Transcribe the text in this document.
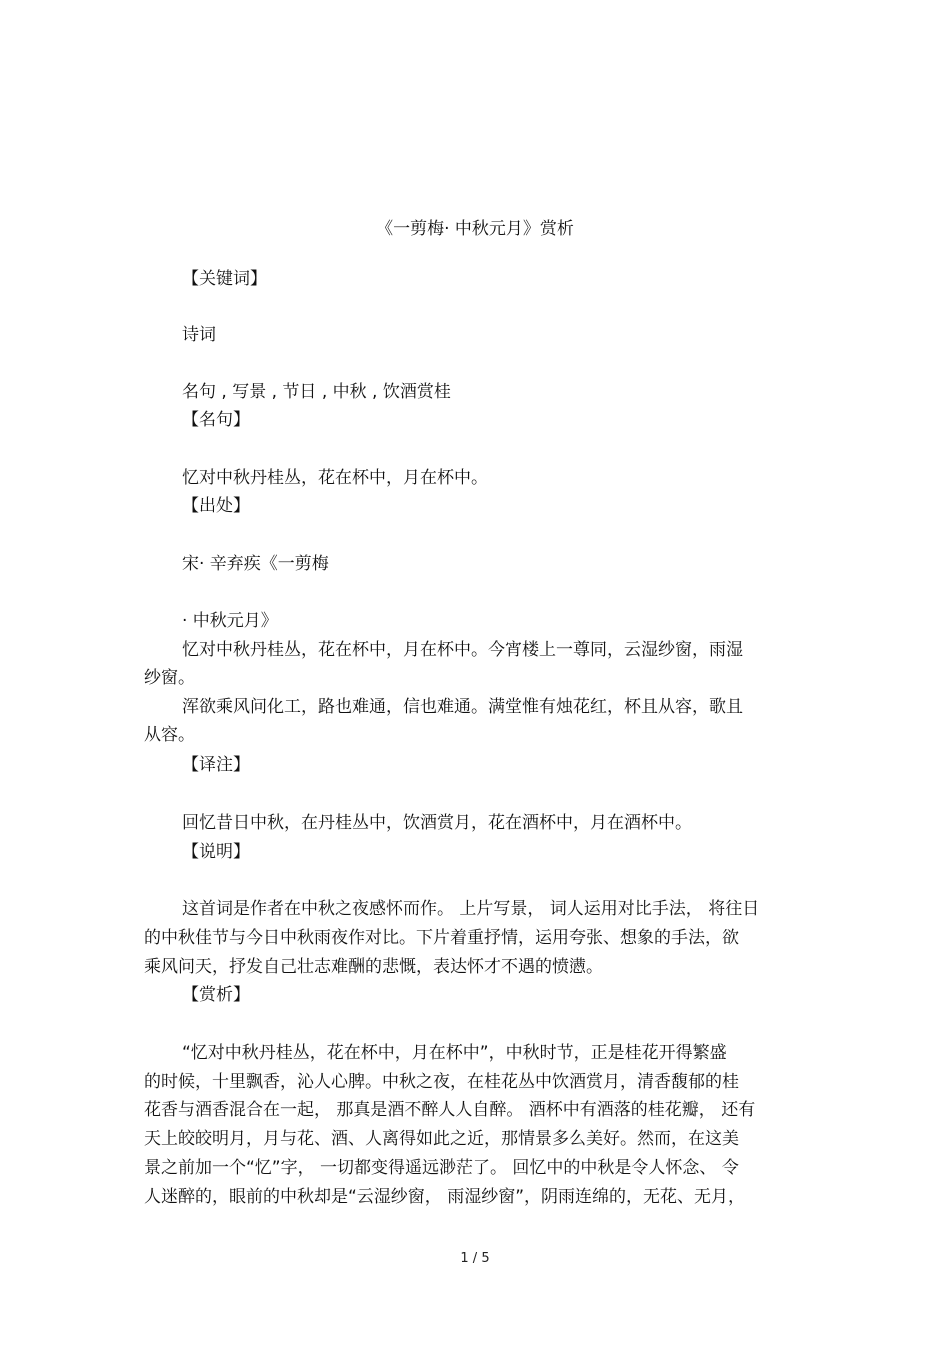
《一剪梅· 中秋元月》赏析

【关键词】

诗词

名句 , 写景 , 节日 , 中秋 , 饮酒赏桂

【名句】

忆对中秋丹桂丛，花在杯中，月在杯中。

【出处】

宋· 辛弃疾《一剪梅

· 中秋元月》

忆对中秋丹桂丛，花在杯中，月在杯中。今宵楼上一尊同，云湿纱窗，雨湿

纱窗。

浑欲乘风问化工，路也难通，信也难通。满堂惟有烛花红，杯且从容，歌且

从容。

【译注】

回忆昔日中秋，在丹桂丛中，饮酒赏月，花在酒杯中，月在酒杯中。

【说明】

这首词是作者在中秋之夜感怀而作。 上片写景， 词人运用对比手法， 将往日

的中秋佳节与今日中秋雨夜作对比。下片着重抒情，运用夸张、想象的手法，欲

乘风问天，抒发自己壮志难酬的悲慨，表达怀才不遇的愤懑。

【赏析】

“忆对中秋丹桂丛，花在杯中，月在杯中”，中秋时节，正是桂花开得繁盛

的时候，十里飘香，沁人心脾。中秋之夜，在桂花丛中饮酒赏月，清香馥郁的桂

花香与酒香混合在一起， 那真是酒不醉人人自醉。 酒杯中有酒落的桂花瓣， 还有

天上皎皎明月，月与花、酒、人离得如此之近，那情景多么美好。然而，在这美

景之前加一个“忆”字， 一切都变得遥远渺茫了。 回忆中的中秋是令人怀念、 令

人迷醉的，眼前的中秋却是“云湿纱窗， 雨湿纱窗”，阴雨连绵的，无花、无月，

1 / 5
